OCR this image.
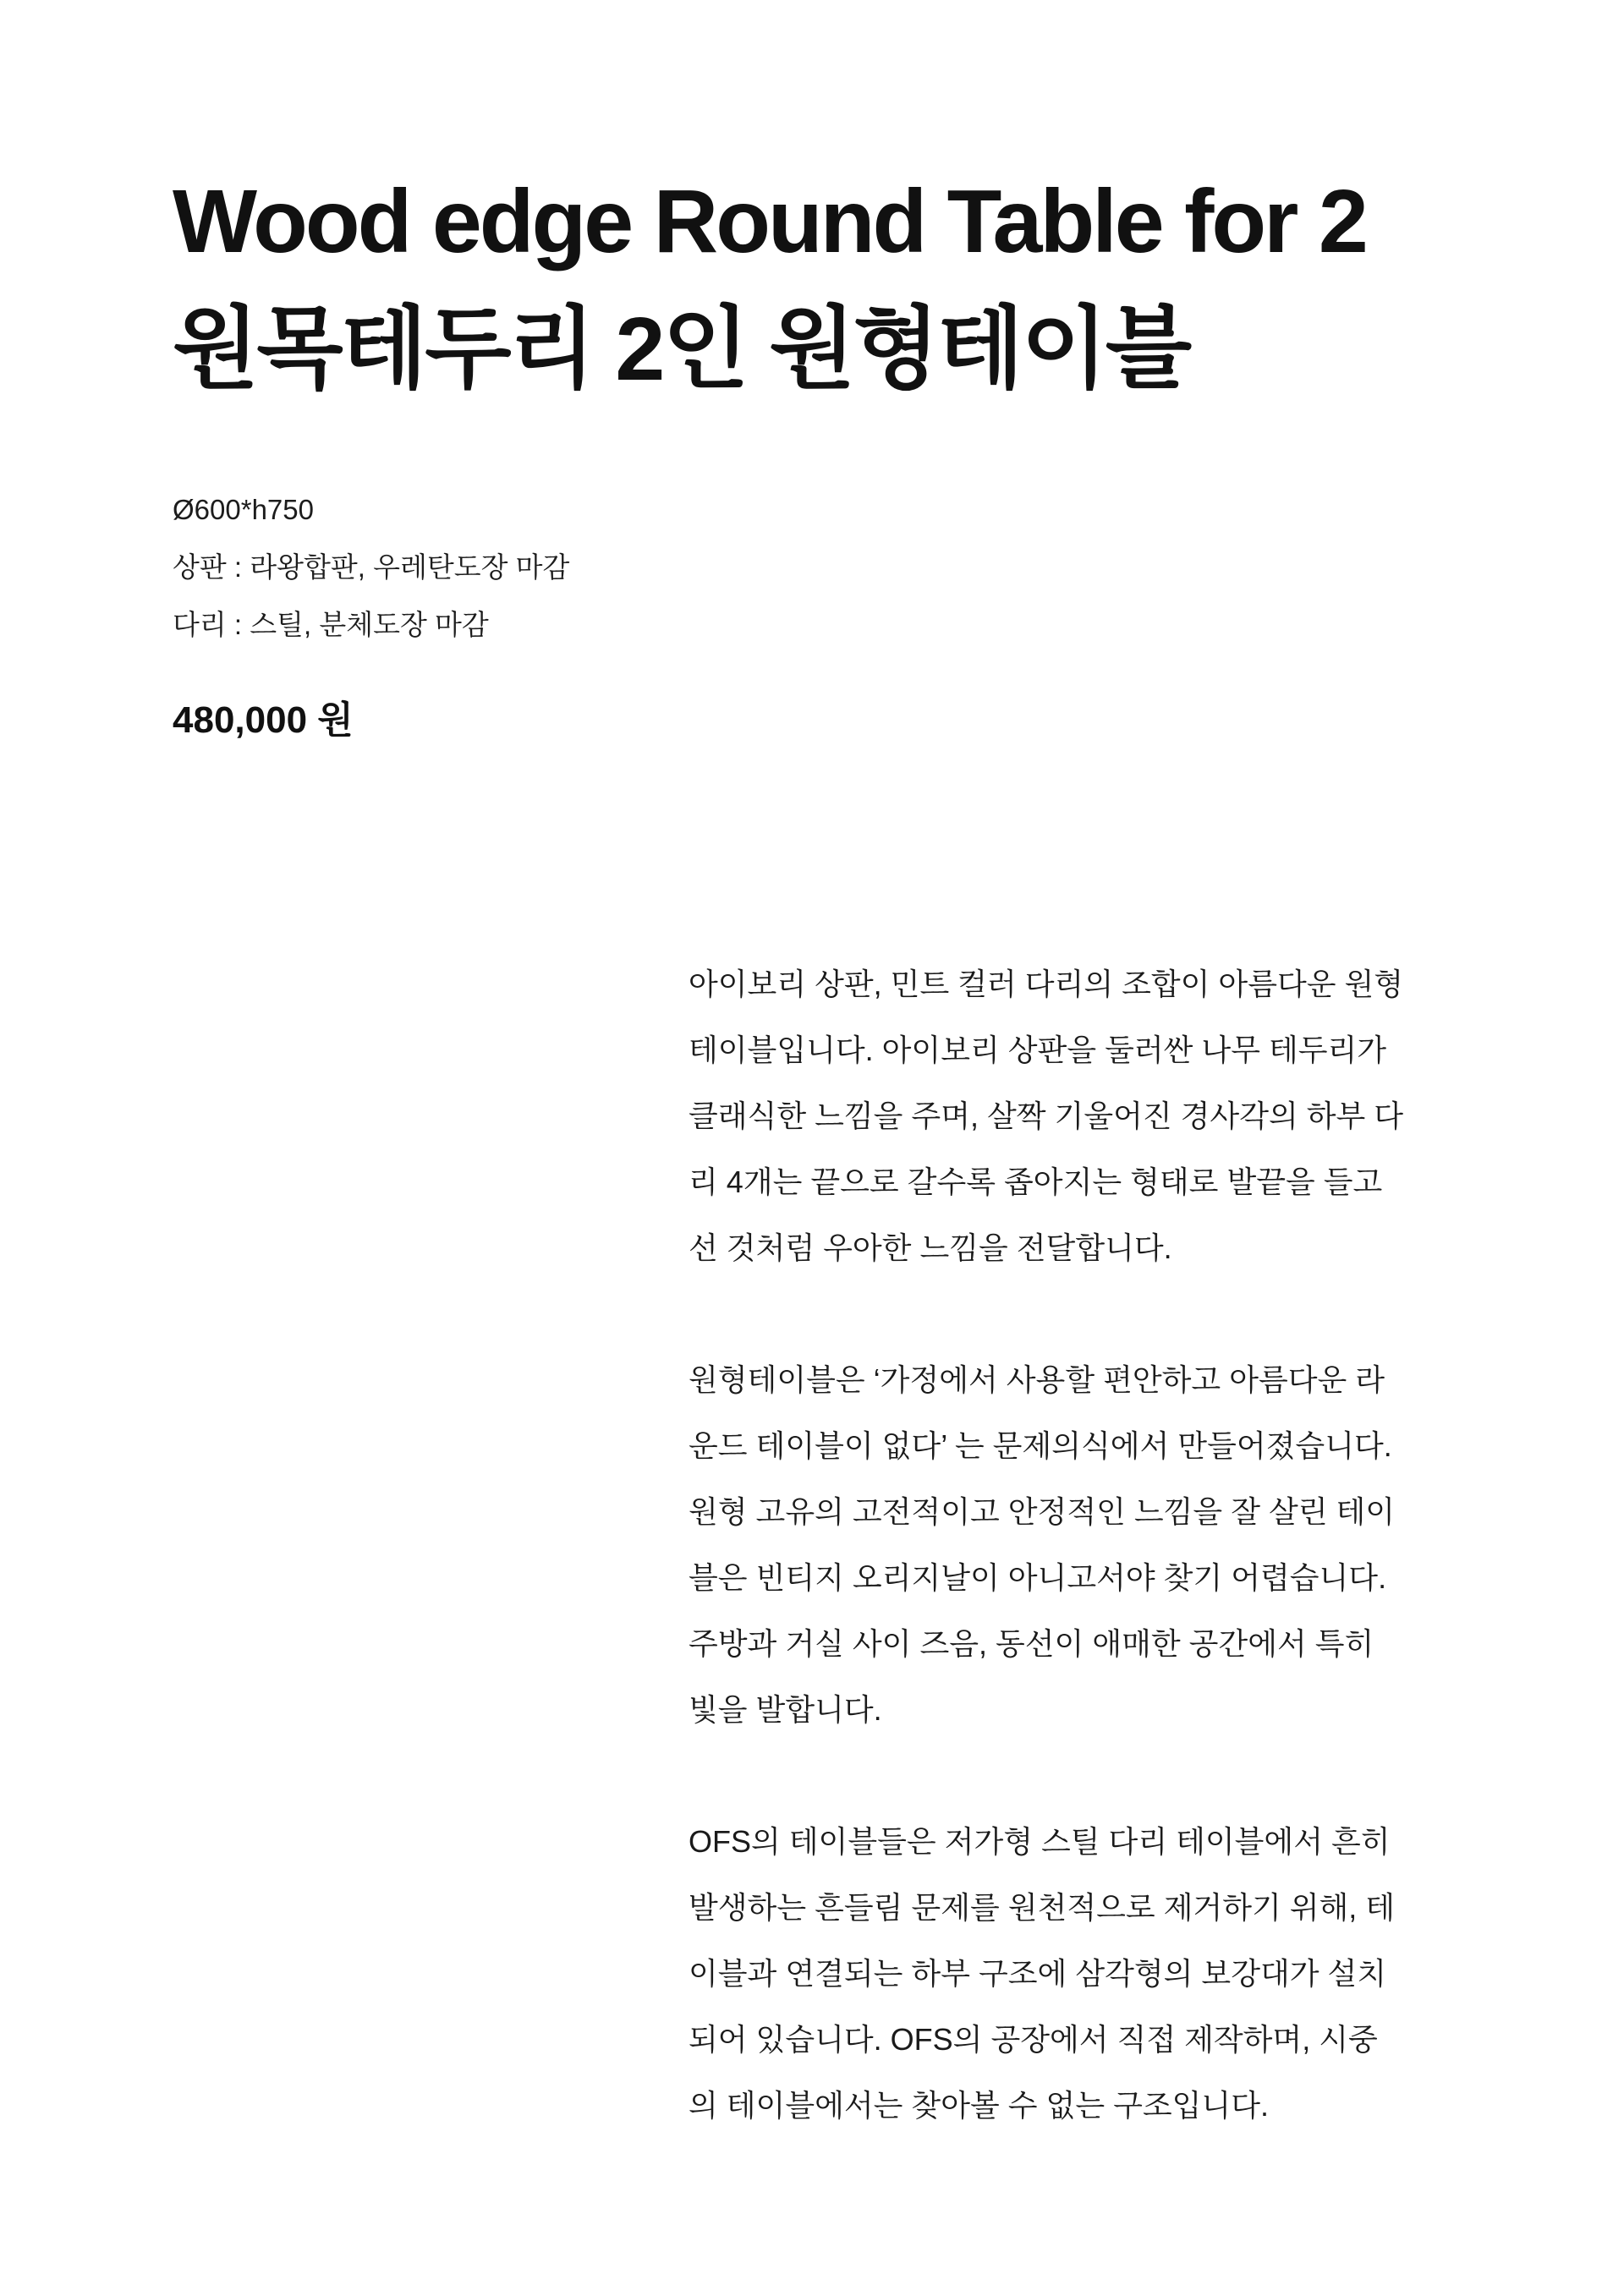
Wood edge Round Table for 2
원목테두리 2인 원형테이블
Ø600*h750
상판 : 라왕합판, 우레탄도장 마감
다리 : 스틸, 분체도장 마감

480,000 원

아이보리 상판, 민트 컬러 다리의 조합이 아름다운 원형
테이블입니다. 아이보리 상판을 둘러싼 나무 테두리가
클래식한 느낌을 주며, 살짝 기울어진 경사각의 하부 다
리 4개는 끝으로 갈수록 좁아지는 형태로 발끝을 들고
선 것처럼 우아한 느낌을 전달합니다.

원형테이블은 ‘가정에서 사용할 편안하고 아름다운 라
운드 테이블이 없다’ 는 문제의식에서 만들어졌습니다.
원형 고유의 고전적이고 안정적인 느낌을 잘 살린 테이
블은 빈티지 오리지날이 아니고서야 찾기 어렵습니다.
주방과 거실 사이 즈음, 동선이 애매한 공간에서 특히
빛을 발합니다.

OFS의 테이블들은 저가형 스틸 다리 테이블에서 흔히
발생하는 흔들림 문제를 원천적으로 제거하기 위해, 테
이블과 연결되는 하부 구조에 삼각형의 보강대가 설치
되어 있습니다. OFS의 공장에서 직접 제작하며, 시중
의 테이블에서는 찾아볼 수 없는 구조입니다.
